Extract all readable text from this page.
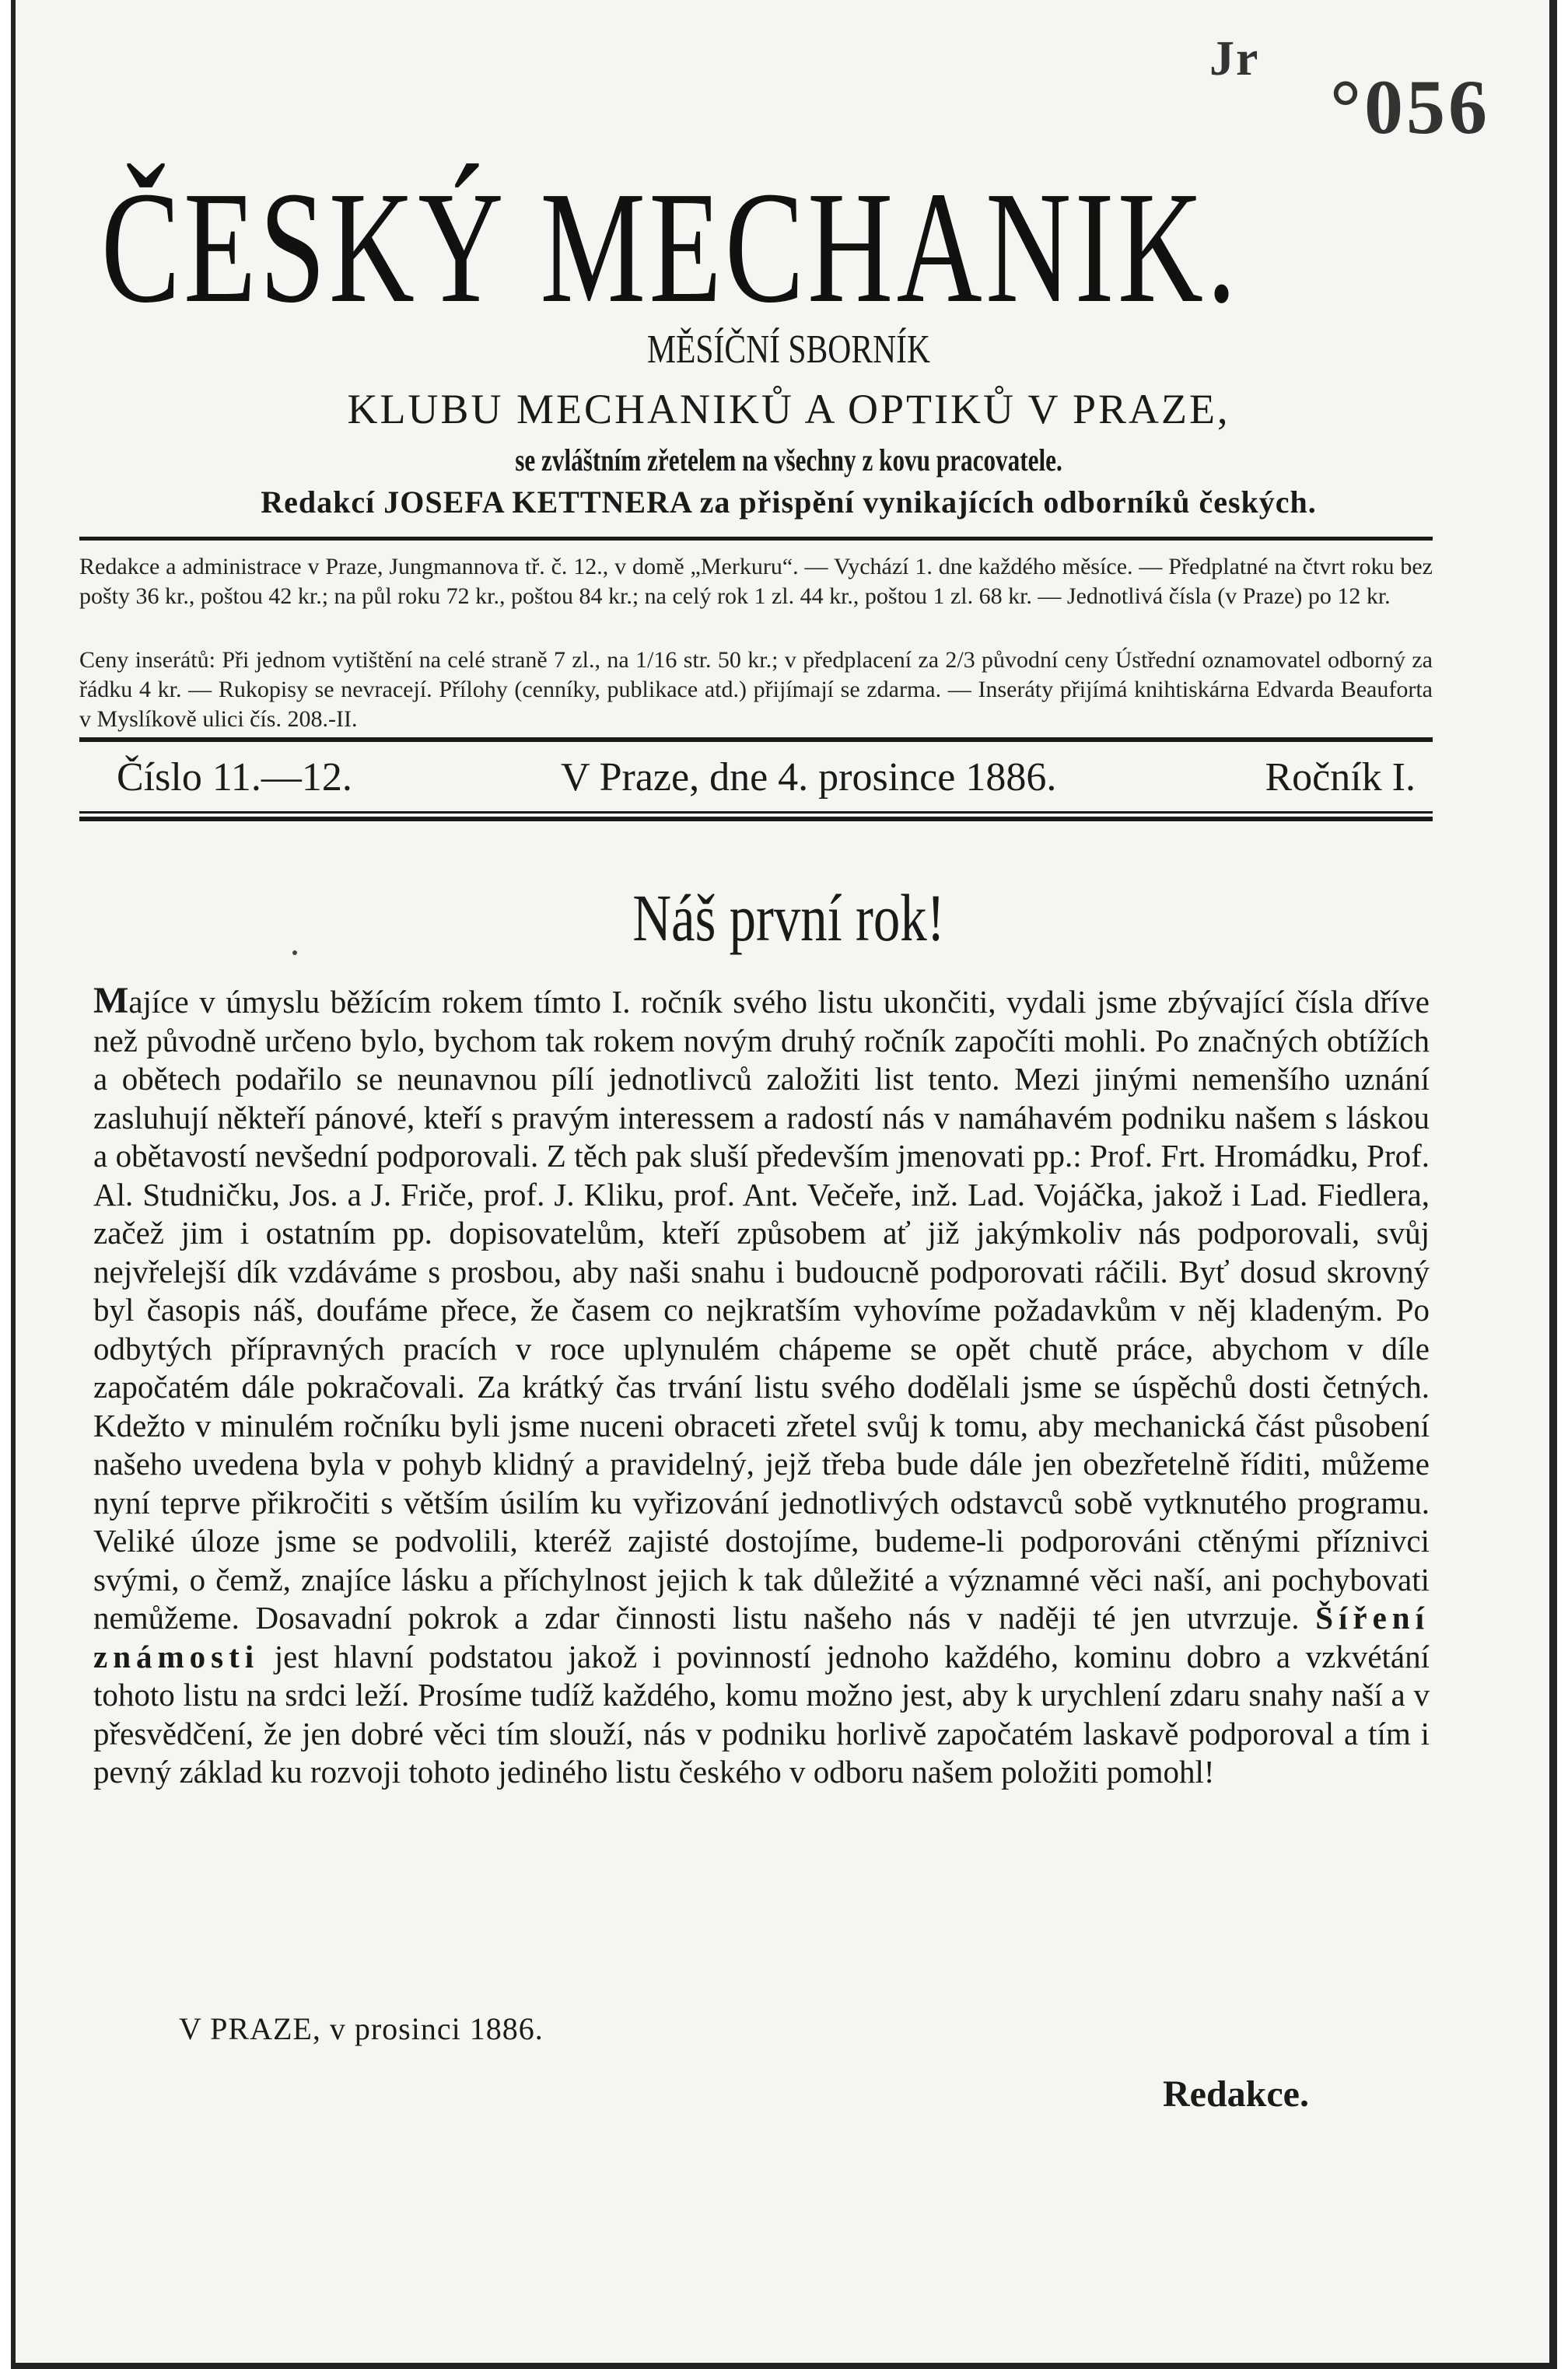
Jr
°056
ČESKÝ MECHANIK.
MĚSÍČNÍ SBORNÍK
KLUBU MECHANIKŮ A OPTIKŮ V PRAZE,
se zvláštním zřetelem na všechny z kovu pracovatele.
Redakcí JOSEFA KETTNERA za přispění vynikajících odborníků českých.
Redakce a administrace v Praze, Jungmannova tř. č. 12., v domě „Merkuru“. — Vychází 1. dne každého měsíce. — Předplatné na čtvrt roku bez pošty 36 kr., poštou 42 kr.; na půl roku 72 kr., poštou 84 kr.; na celý rok 1 zl. 44 kr., poštou 1 zl. 68 kr. — Jednotlivá čísla (v Praze) po 12 kr.
Ceny inserátů: Při jednom vytištění na celé straně 7 zl., na 1/16 str. 50 kr.; v předplacení za 2/3 původní ceny Ústřední oznamovatel odborný za řádku 4 kr. — Rukopisy se nevracejí. Přílohy (cenníky, publikace atd.) přijímají se zdarma. — Inseráty přijímá knihtiskárna Edvarda Beauforta v Myslíkově ulici čís. 208.-II.
Číslo 11.—12.	V Praze, dne 4. prosince 1886.	Ročník I.
Náš první rok!
Majíce v úmyslu běžícím rokem tímto I. ročník svého listu ukončiti, vydali jsme zbývající čísla dříve než původně určeno bylo, bychom tak rokem novým druhý ročník započíti mohli. Po značných obtížích a obětech podařilo se neunavnou pílí jednotlivců založiti list tento. Mezi jinými nemenšího uznání zasluhují někteří pánové, kteří s pravým interessem a radostí nás v namáhavém podniku našem s láskou a obětavostí nevšední podporovali. Z těch pak sluší především jmenovati pp.: Prof. Frt. Hromádku, Prof. Al. Studničku, Jos. a J. Friče, prof. J. Kliku, prof. Ant. Večeře, inž. Lad. Vojáčka, jakož i Lad. Fiedlera, začež jim i ostatním pp. dopisovatelům, kteří způsobem ať již jakýmkoliv nás podporovali, svůj nejvřelejší dík vzdáváme s prosbou, aby naši snahu i budoucně podporovati ráčili. Byť dosud skrovný byl časopis náš, doufáme přece, že časem co nejkratším vyhovíme požadavkům v něj kladeným. Po odbytých přípravných pracích v roce uplynulém chápeme se opět chutě práce, abychom v díle započatém dále pokračovali. Za krátký čas trvání listu svého dodělali jsme se úspěchů dosti četných. Kdežto v minulém ročníku byli jsme nuceni obraceti zřetel svůj k tomu, aby mechanická část působení našeho uvedena byla v pohyb klidný a pravidelný, jejž třeba bude dále jen obezřetelně říditi, můžeme nyní teprve přikročiti s větším úsilím ku vyřizování jednotlivých odstavců sobě vytknutého programu. Veliké úloze jsme se podvolili, kteréž zajisté dostojíme, budeme-li podporováni ctěnými příznivci svými, o čemž, znajíce lásku a příchylnost jejich k tak důležité a významné věci naší, ani pochybovati nemůžeme. Dosavadní pokrok a zdar činnosti listu našeho nás v naději té jen utvrzuje. Šíření známosti jest hlavní podstatou jakož i povinností jednoho každého, kominu dobro a vzkvétání tohoto listu na srdci leží. Prosíme tudíž každého, komu možno jest, aby k urychlení zdaru snahy naší a v přesvědčení, že jen dobré věci tím slouží, nás v podniku horlivě započatém laskavě podporoval a tím i pevný základ ku rozvoji tohoto jediného listu českého v odboru našem položiti pomohl!
V PRAZE, v prosinci 1886.
Redakce.
